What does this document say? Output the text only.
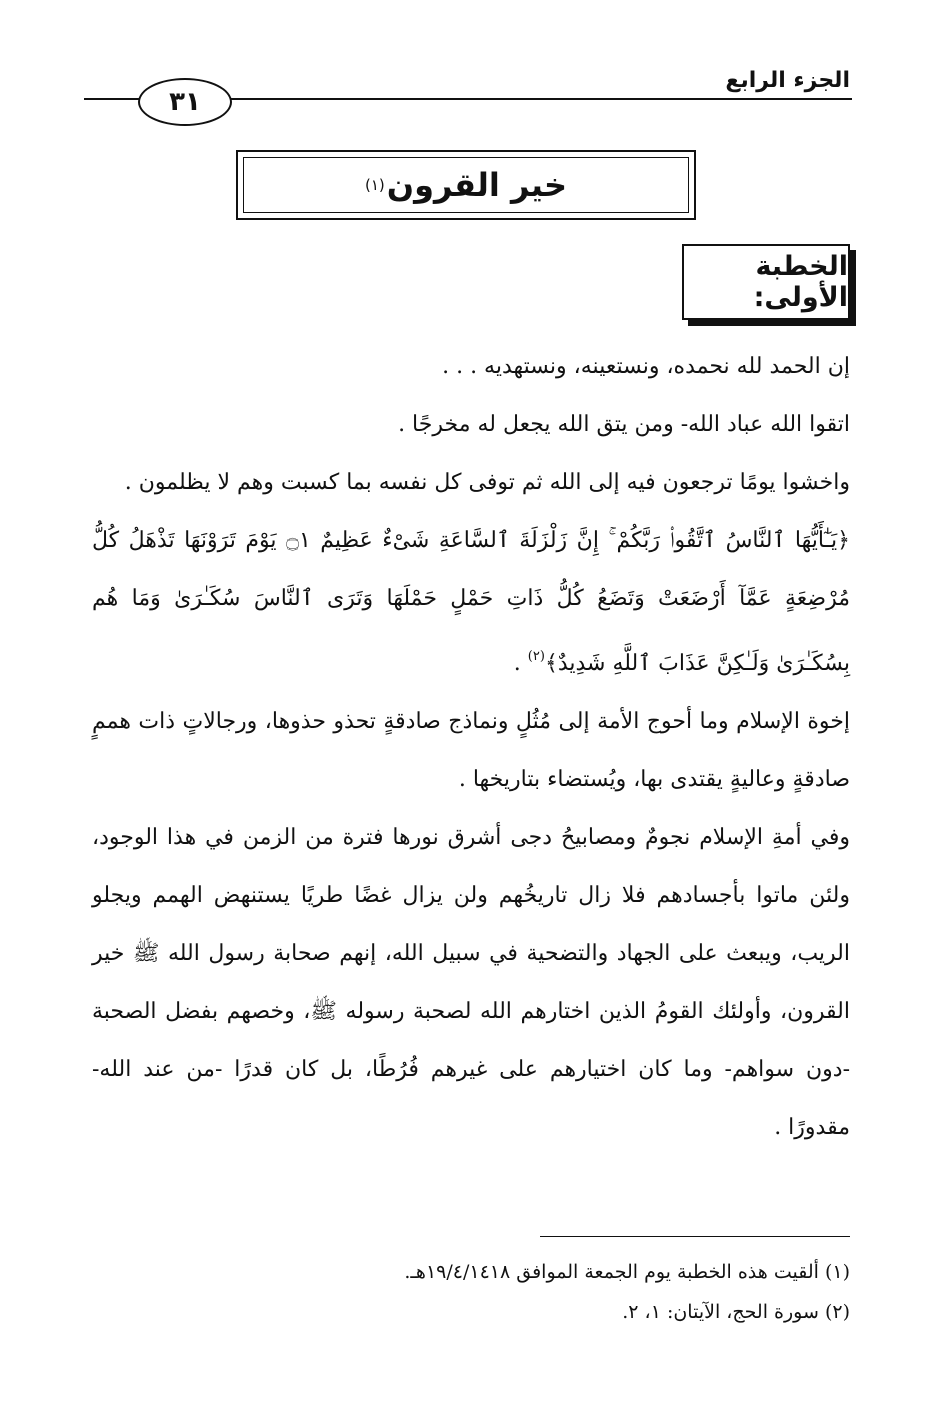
الجزء الرابع
٣١
خير القرون
(١)
الخطبة الأولى:

إن الحمد لله نحمده، ونستعينه، ونستهديه . . .

اتقوا الله عباد الله- ومن يتق الله يجعل له مخرجًا .

واخشوا يومًا ترجعون فيه إلى الله ثم توفى كل نفسه بما كسبت وهم لا يظلمون .

﴿يَـٰٓأَيُّهَا ٱلنَّاسُ ٱتَّقُوا۟ رَبَّكُمْ ۚ إِنَّ زَلْزَلَةَ ٱلسَّاعَةِ شَىْءٌ عَظِيمٌ ۝١ يَوْمَ تَرَوْنَهَا تَذْهَلُ كُلُّ مُرْضِعَةٍ عَمَّآ أَرْضَعَتْ وَتَضَعُ كُلُّ ذَاتِ حَمْلٍ حَمْلَهَا وَتَرَى ٱلنَّاسَ سُكَـٰرَىٰ وَمَا هُم بِسُكَـٰرَىٰ وَلَـٰكِنَّ عَذَابَ ٱللَّهِ شَدِيدٌ﴾$^{(٢)}$ .

إخوة الإسلام وما أحوج الأمة إلى مُثُلٍ ونماذج صادقةٍ تحذو حذوها، ورجالاتٍ ذات هممٍ صادقةٍ وعاليةٍ يقتدى بها، ويُستضاء بتاريخها .

وفي أمةِ الإسلام نجومٌ ومصابيحُ دجى أشرق نورها فترة من الزمن في هذا الوجود، ولئن ماتوا بأجسادهم فلا زال تاريخُهم ولن يزال غضًا طريًا يستنهض الهمم ويجلو الريب، ويبعث على الجهاد والتضحية في سبيل الله، إنهم صحابة رسول الله ﷺ خير القرون، وأولئك القومُ الذين اختارهم الله لصحبة رسوله ﷺ، وخصهم بفضل الصحبة -دون سواهم- وما كان اختيارهم على غيرهم فُرُطًا، بل كان قدرًا -من عند الله- مقدورًا .

(١) ألقيت هذه الخطبة يوم الجمعة الموافق ١٩/٤/١٤١٨هـ.
(٢) سورة الحج، الآيتان: ١، ٢.
